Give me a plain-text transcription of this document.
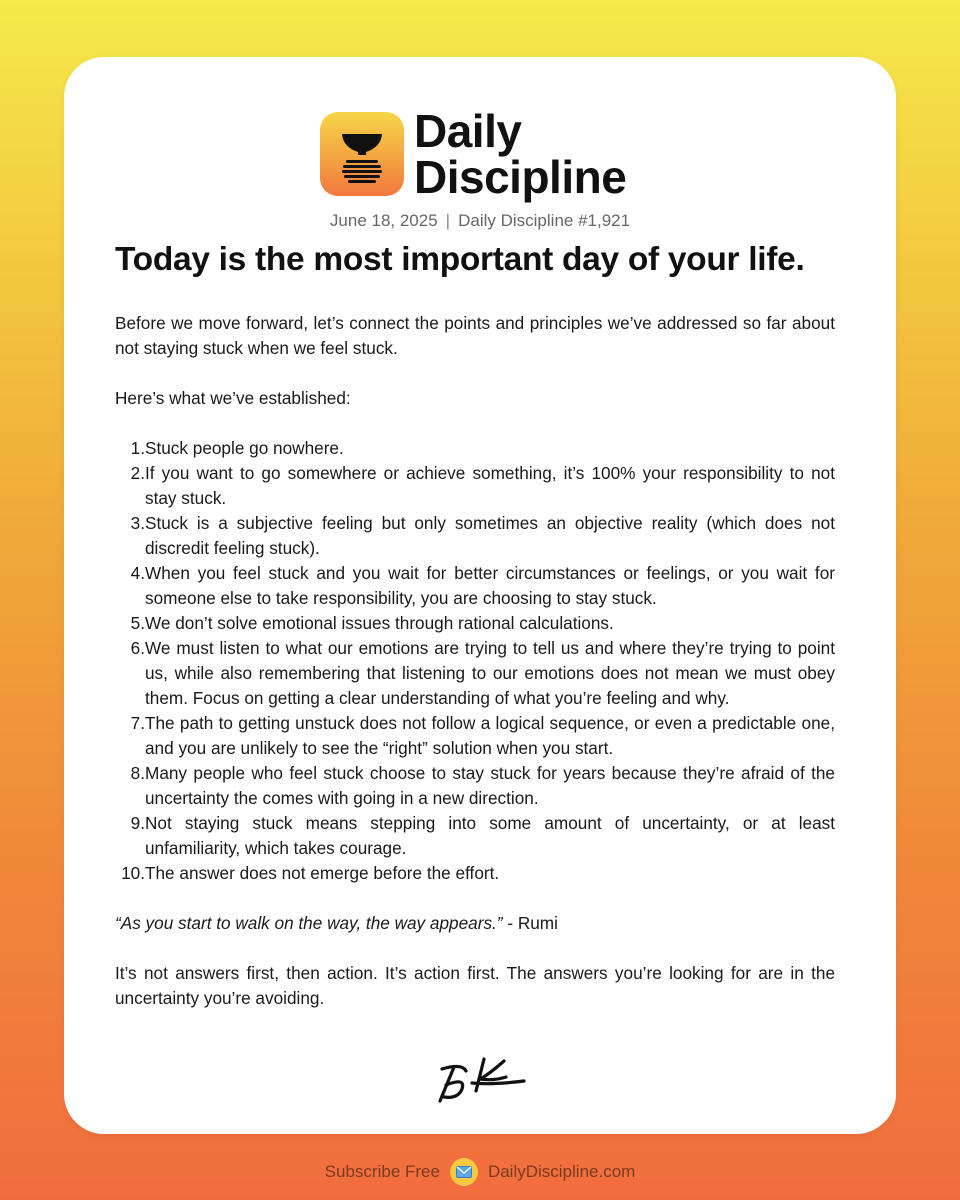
Daily
Discipline
June 18, 2025 | Daily Discipline #1,921
Today is the most important day of your life.

Before we move forward, let’s connect the points and principles we’ve addressed so far about not staying stuck when we feel stuck.

Here’s what we’ve established:

1. Stuck people go nowhere.
2. If you want to go somewhere or achieve something, it’s 100% your responsibility to not stay stuck.
3. Stuck is a subjective feeling but only sometimes an objective reality (which does not discredit feeling stuck).
4. When you feel stuck and you wait for better circumstances or feelings, or you wait for someone else to take responsibility, you are choosing to stay stuck.
5. We don’t solve emotional issues through rational calculations.
6. We must listen to what our emotions are trying to tell us and where they’re trying to point us, while also remembering that listening to our emotions does not mean we must obey them. Focus on getting a clear understanding of what you’re feeling and why.
7. The path to getting unstuck does not follow a logical sequence, or even a predictable one, and you are unlikely to see the “right” solution when you start.
8. Many people who feel stuck choose to stay stuck for years because they’re afraid of the uncertainty the comes with going in a new direction.
9. Not staying stuck means stepping into some amount of uncertainty, or at least unfamiliarity, which takes courage.
10. The answer does not emerge before the effort.

“As you start to walk on the way, the way appears.” - Rumi

It’s not answers first, then action. It’s action first. The answers you’re looking for are in the uncertainty you’re avoiding.

Subscribe Free	DailyDiscipline.com
